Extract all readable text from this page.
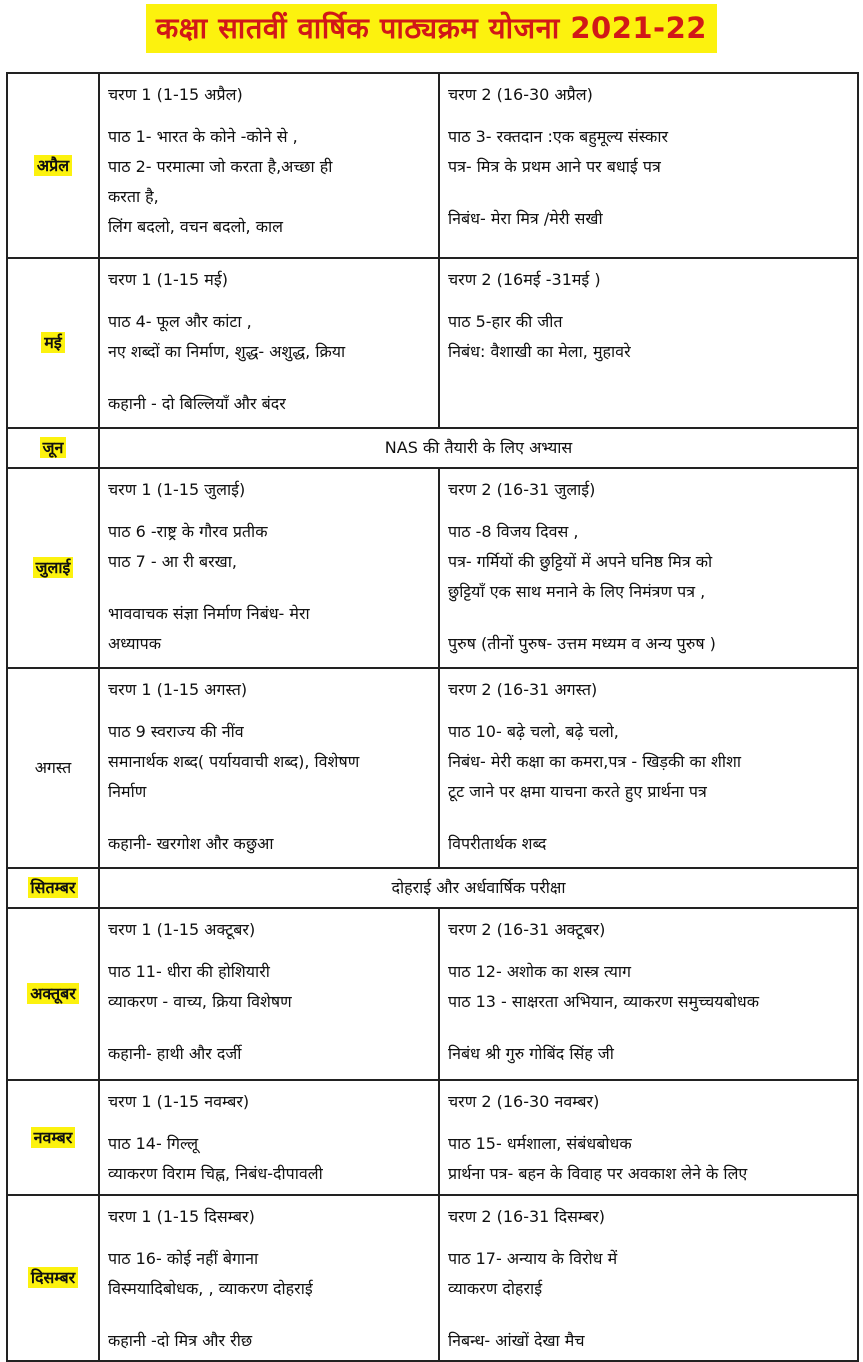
कक्षा सातवीं वार्षिक पाठ्यक्रम योजना 2021-22
अप्रैल	चरण 1 (1-15 अप्रैल)
पाठ 1- भारत के कोने -कोने से ,
पाठ 2- परमात्मा जो करता है,अच्छा ही
करता है,
लिंग बदलो, वचन बदलो, काल	चरण 2 (16-30 अप्रैल)
पाठ 3- रक्तदान :एक बहुमूल्य संस्कार
पत्र- मित्र के प्रथम आने पर बधाई पत्र
निबंध- मेरा मित्र /मेरी सखी

मई	चरण 1 (1-15 मई)
पाठ 4- फूल और कांटा ,
नए शब्दों का निर्माण, शुद्ध- अशुद्ध, क्रिया
कहानी - दो बिल्लियाँ और बंदर	चरण 2 (16मई -31मई )
पाठ 5-हार की जीत
निबंध: वैशाखी का मेला, मुहावरे

जून	NAS की तैयारी के लिए अभ्यास	
जुलाई	चरण 1 (1-15 जुलाई)
पाठ 6 -राष्ट्र के गौरव प्रतीक
पाठ 7 - आ री बरखा,
भाववाचक संज्ञा निर्माण निबंध- मेरा
अध्यापक	चरण 2 (16-31 जुलाई)
पाठ -8 विजय दिवस ,
पत्र- गर्मियों की छुट्टियों में अपने घनिष्ठ मित्र को
छुट्टियाँ एक साथ मनाने के लिए निमंत्रण पत्र ,
पुरुष (तीनों पुरुष- उत्तम मध्यम व अन्य पुरुष )

अगस्त	चरण 1 (1-15 अगस्त)
पाठ 9 स्वराज्य की नींव
समानार्थक शब्द( पर्यायवाची शब्द), विशेषण
निर्माण
कहानी- खरगोश और कछुआ	चरण 2 (16-31 अगस्त)
पाठ 10- बढ़े चलो, बढ़े चलो,
निबंध- मेरी कक्षा का कमरा,पत्र - खिड़की का शीशा
टूट जाने पर क्षमा याचना करते हुए प्रार्थना पत्र
विपरीतार्थक शब्द

सितम्बर	दोहराई और अर्धवार्षिक परीक्षा	
अक्तूबर	चरण 1 (1-15 अक्टूबर)
पाठ 11- धीरा की होशियारी
व्याकरण - वाच्य, क्रिया विशेषण
कहानी- हाथी और दर्जी	चरण 2 (16-31 अक्टूबर)
पाठ 12- अशोक का शस्त्र त्याग
पाठ 13 - साक्षरता अभियान, व्याकरण समुच्चयबोधक
निबंध श्री गुरु गोबिंद सिंह जी

नवम्बर	चरण 1 (1-15 नवम्बर)
पाठ 14- गिल्लू
व्याकरण विराम चिह्न, निबंध-दीपावली	चरण 2 (16-30 नवम्बर)
पाठ 15- धर्मशाला, संबंधबोधक
प्रार्थना पत्र- बहन के विवाह पर अवकाश लेने के लिए

दिसम्बर	चरण 1 (1-15 दिसम्बर)
पाठ 16- कोई नहीं बेगाना
विस्मयादिबोधक, , व्याकरण दोहराई
कहानी -दो मित्र और रीछ	चरण 2 (16-31 दिसम्बर)
पाठ 17- अन्याय के विरोध में
व्याकरण दोहराई
निबन्ध- आंखों देखा मैच
